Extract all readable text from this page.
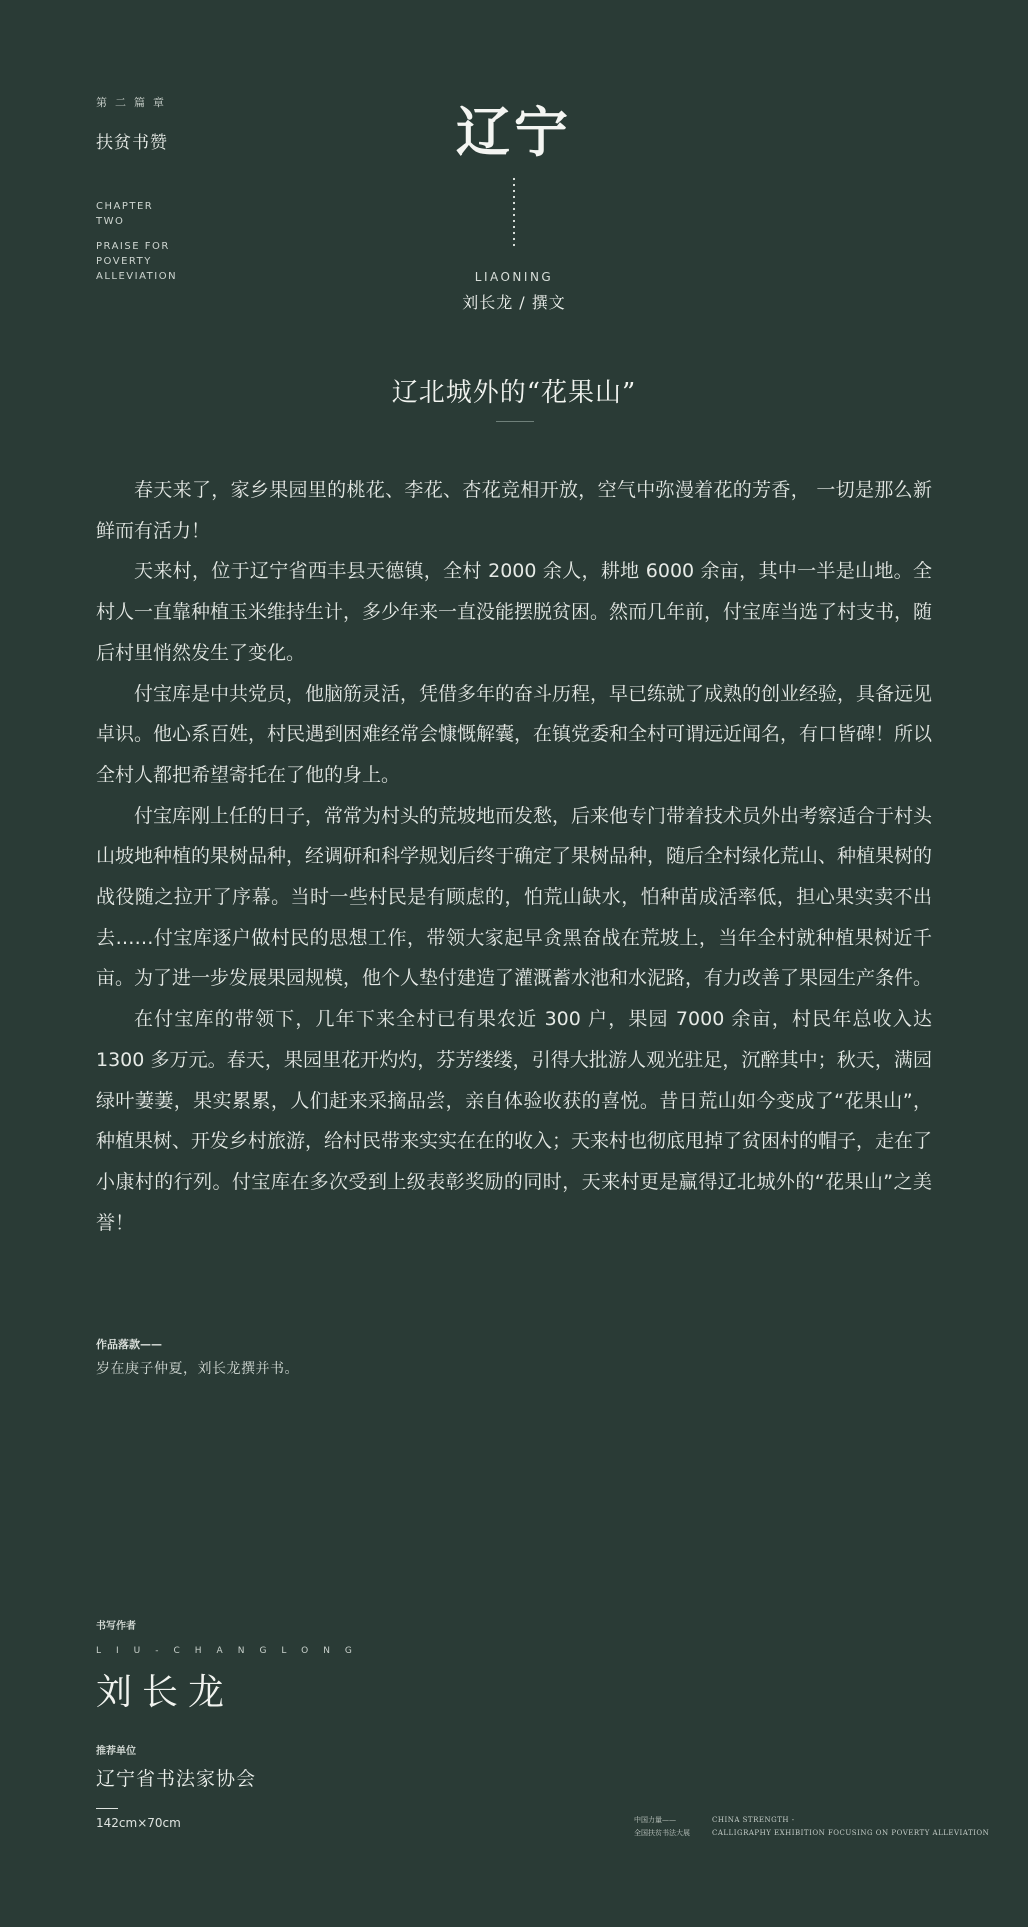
第二篇章
扶贫书赞
CHAPTER
TWO
PRAISE FOR
POVERTY
ALLEVIATION
辽宁
LIAONING
刘长龙 / 撰文
辽北城外的“花果山”

春天来了，家乡果园里的桃花、李花、杏花竞相开放，空气中弥漫着花的芳香， 一切是那么新鲜而有活力！

天来村，位于辽宁省西丰县天德镇，全村 2000 余人，耕地 6000 余亩，其中一半是山地。全村人一直靠种植玉米维持生计，多少年来一直没能摆脱贫困。然而几年前，付宝库当选了村支书，随后村里悄然发生了变化。

付宝库是中共党员，他脑筋灵活，凭借多年的奋斗历程，早已练就了成熟的创业经验，具备远见卓识。他心系百姓，村民遇到困难经常会慷慨解囊，在镇党委和全村可谓远近闻名，有口皆碑！所以全村人都把希望寄托在了他的身上。

付宝库刚上任的日子，常常为村头的荒坡地而发愁，后来他专门带着技术员外出考察适合于村头山坡地种植的果树品种，经调研和科学规划后终于确定了果树品种，随后全村绿化荒山、种植果树的战役随之拉开了序幕。当时一些村民是有顾虑的，怕荒山缺水，怕种苗成活率低，担心果实卖不出去……付宝库逐户做村民的思想工作，带领大家起早贪黑奋战在荒坡上，当年全村就种植果树近千亩。为了进一步发展果园规模，他个人垫付建造了灌溉蓄水池和水泥路，有力改善了果园生产条件。

在付宝库的带领下，几年下来全村已有果农近 300 户，果园 7000 余亩，村民年总收入达 1300 多万元。春天，果园里花开灼灼，芬芳缕缕，引得大批游人观光驻足，沉醉其中；秋天，满园绿叶萋萋，果实累累，人们赶来采摘品尝，亲自体验收获的喜悦。昔日荒山如今变成了“花果山”，种植果树、开发乡村旅游，给村民带来实实在在的收入；天来村也彻底甩掉了贫困村的帽子，走在了小康村的行列。付宝库在多次受到上级表彰奖励的同时，天来村更是赢得辽北城外的“花果山”之美誉！

作品落款——
岁在庚子仲夏，刘长龙撰并书。
书写作者
LIU-CHANGLONG
刘长龙
推荐单位
辽宁省书法家协会
142cm×70cm	中国力量——
全国扶贫书法大展
CHINA STRENGTH -
CALLIGRAPHY EXHIBITION FOCUSING ON POVERTY ALLEVIATION
